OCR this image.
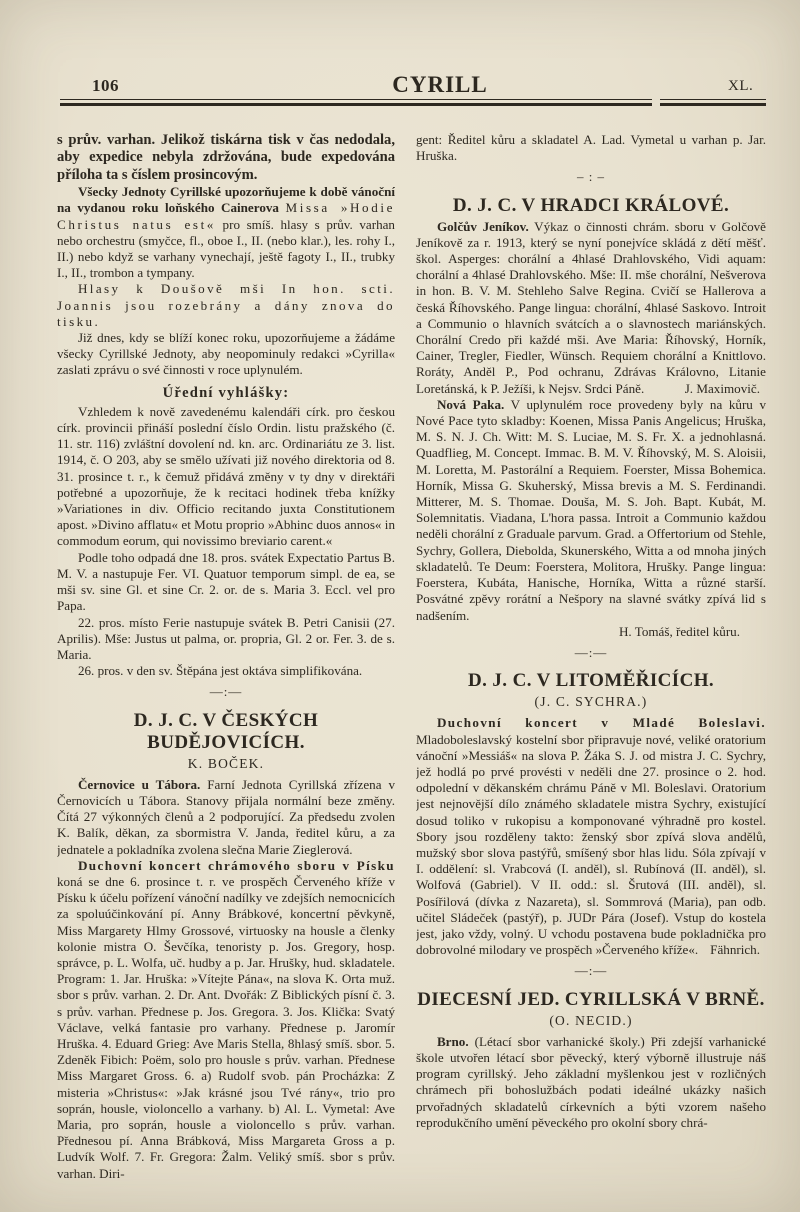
106	CYRILL	XL.

s prův. varhan. Jelikož tiskárna tisk v čas nedodala, aby expedice nebyla zdržována, bude expedována příloha ta s číslem prosincovým.

Všecky Jednoty Cyrillské upozorňujeme k době vánoční na vydanou roku loňského Cainerova Missa »Hodie Christus natus est« pro smíš. hlasy s prův. varhan nebo orchestru (smyčce, fl., oboe I., II. (nebo klar.), les. rohy I., II.) nebo když se varhany vynechají, ještě fagoty I., II., trubky I., II., trombon a tympany.

Hlasy k Doušově mši In hon. scti. Joannis jsou rozebrány a dány znova do tisku.

Již dnes, kdy se blíží konec roku, upozorňujeme a žádáme všecky Cyrillské Jednoty, aby neopominuly redakci »Cyrilla« zaslati zprávu o své činnosti v roce uplynulém.

Úřední vyhlášky:

Vzhledem k nově zavedenému kalendáři círk. pro českou círk. provincii přináší poslední číslo Ordin. listu pražského (č. 11. str. 116) zvláštní dovolení nd. kn. arc. Ordinariátu ze 3. list. 1914, č. O 203, aby se smělo užívati již nového direktoria od 8. 31. prosince t. r., k čemuž přidává změny v ty dny v direktáři potřebné a upozorňuje, že k recitaci hodinek třeba knížky »Variationes in div. Officio recitando juxta Constitutionem apost. »Divino afflatu« et Motu proprio »Abhinc duos annos« in commodum eorum, qui novissimo breviario carent.«

Podle toho odpadá dne 18. pros. svátek Expectatio Partus B. M. V. a nastupuje Fer. VI. Quatuor temporum simpl. de ea, se mši sv. sine Gl. et sine Cr. 2. or. de s. Maria 3. Eccl. vel pro Papa.

22. pros. místo Ferie nastupuje svátek B. Petri Canisii (27. Aprilis). Mše: Justus ut palma, or. propria, Gl. 2 or. Fer. 3. de s. Maria.

26. pros. v den sv. Štěpána jest oktáva simplifikována.

—:—
D. J. C. V ČESKÝCH BUDĚJOVICÍCH.
K. BOČEK.

Černovice u Tábora. Farní Jednota Cyrillská zřízena v Černovicích u Tábora. Stanovy přijala normální beze změny. Čítá 27 výkonných členů a 2 podporující. Za předsedu zvolen K. Balík, děkan, za sbormistra V. Janda, ředitel kůru, a za jednatele a pokladníka zvolena slečna Marie Zieglerová.

Duchovní koncert chrámového sboru v Písku koná se dne 6. prosince t. r. ve prospěch Červeného kříže v Písku k účelu pořízení vánoční nadílky ve zdejších nemocnicích za spoluúčinkování pí. Anny Brábkové, koncertní pěvkyně, Miss Margarety Hlmy Grossové, virtuosky na housle a členky kolonie mistra O. Ševčíka, tenoristy p. Jos. Gregory, hosp. správce, p. L. Wolfa, uč. hudby a p. Jar. Hrušky, hud. skladatele. Program: 1. Jar. Hruška: »Vítejte Pána«, na slova K. Orta muž. sbor s prův. varhan. 2. Dr. Ant. Dvořák: Z Biblických písní č. 3. s prův. varhan. Přednese p. Jos. Gregora. 3. Jos. Klička: Svatý Václave, velká fantasie pro varhany. Přednese p. Jaromír Hruška. 4. Eduard Grieg: Ave Maris Stella, 8hlasý smíš. sbor. 5. Zdeněk Fibich: Poëm, solo pro housle s prův. varhan. Přednese Miss Margaret Gross. 6. a) Rudolf svob. pán Procházka: Z misteria »Christus«: »Jak krásné jsou Tvé rány«, trio pro soprán, housle, violoncello a varhany. b) Al. L. Vymetal: Ave Maria, pro soprán, housle a violoncello s prův. varhan. Přednesou pí. Anna Brábková, Miss Margareta Gross a p. Ludvík Wolf. 7. Fr. Gregora: Žalm. Veliký smíš. sbor s prův. varhan. Diri-

gent: Ředitel kůru a skladatel A. Lad. Vymetal u varhan p. Jar. Hruška.

– : –
D. J. C. V HRADCI KRÁLOVÉ.

Golčův Jeníkov. Výkaz o činnosti chrám. sboru v Golčově Jeníkově za r. 1913, který se nyní ponejvíce skládá z dětí měšť. škol. Asperges: chorální a 4hlasé Drahlovského, Vidi aquam: chorální a 4hlasé Drahlovského. Mše: II. mše chorální, Nešverova in hon. B. V. M. Stehleho Salve Regina. Cvičí se Hallerova a česká Říhovského. Pange lingua: chorální, 4hlasé Saskovo. Introit a Communio o hlavních svátcích a o slavnostech mariánských. Chorální Credo při každé mši. Ave Maria: Říhovský, Horník, Cainer, Tregler, Fiedler, Wünsch. Requiem chorální a Knittlovo. Roráty, Anděl P., Pod ochranu, Zdrávas Královno, Litanie Loretánská, k P. Ježíši, k Nejsv. Srdci Páně.	J. Maximovič.

Nová Paka. V uplynulém roce provedeny byly na kůru v Nové Pace tyto skladby: Koenen, Missa Panis Angelicus; Hruška, M. S. N. J. Ch. Witt: M. S. Luciae, M. S. Fr. X. a jednohlasná. Quadflieg, M. Concept. Immac. B. M. V. Říhovský, M. S. Aloisii, M. Loretta, M. Pastorální a Requiem. Foerster, Missa Bohemica. Horník, Missa G. Skuherský, Missa brevis a M. S. Ferdinandi. Mitterer, M. S. Thomae. Douša, M. S. Joh. Bapt. Kubát, M. Solemnitatis. Viadana, L'hora passa. Introit a Communio každou neděli chorální z Graduale parvum. Grad. a Offertorium od Stehle, Sychry, Gollera, Diebolda, Skunerského, Witta a od mnoha jiných skladatelů. Te Deum: Foerstera, Molitora, Hrušky. Pange lingua: Foerstera, Kubáta, Hanische, Horníka, Witta a různé starší. Posvátné zpěvy rorátní a Nešpory na slavné svátky zpívá lid s nadšením.

H. Tomáš, ředitel kůru.
—:—
D. J. C. V LITOMĚŘICÍCH.
(J. C. SYCHRA.)

Duchovní koncert v Mladé Boleslavi. Mladoboleslavský kostelní sbor připravuje nové, veliké oratorium vánoční »Messiáš« na slova P. Žáka S. J. od mistra J. C. Sychry, jež hodlá po prvé provésti v neděli dne 27. prosince o 2. hod. odpolední v děkanském chrámu Páně v Ml. Boleslavi. Oratorium jest nejnovější dílo známého skladatele mistra Sychry, existující dosud toliko v rukopisu a komponované výhradně pro kostel. Sbory jsou rozděleny takto: ženský sbor zpívá slova andělů, mužský sbor slova pastýřů, smíšený sbor hlas lidu. Sóla zpívají v I. oddělení: sl. Vrabcová (I. anděl), sl. Rubínová (II. anděl), sl. Wolfová (Gabriel). V II. odd.: sl. Šrutová (III. anděl), sl. Posířilová (dívka z Nazareta), sl. Sommrová (Maria), pan odb. učitel Sládeček (pastýř), p. JUDr Pára (Josef). Vstup do kostela jest, jako vždy, volný. U vchodu postavena bude pokladnička pro dobrovolné milodary ve prospěch »Červeného kříže«. Fähnrich.
—:—
DIECESNÍ JED. CYRILLSKÁ V BRNĚ.
(O. NECID.)

Brno. (Létací sbor varhanické školy.) Při zdejší varhanické škole utvořen létací sbor pěvecký, který výborně illustruje náš program cyrillský. Jeho základní myšlenkou jest v rozličných chrámech při bohoslužbách podati ideálné ukázky našich prvořadných skladatelů církevních a býti vzorem našeho reprodukčního umění pěveckého pro okolní sbory chrá-
